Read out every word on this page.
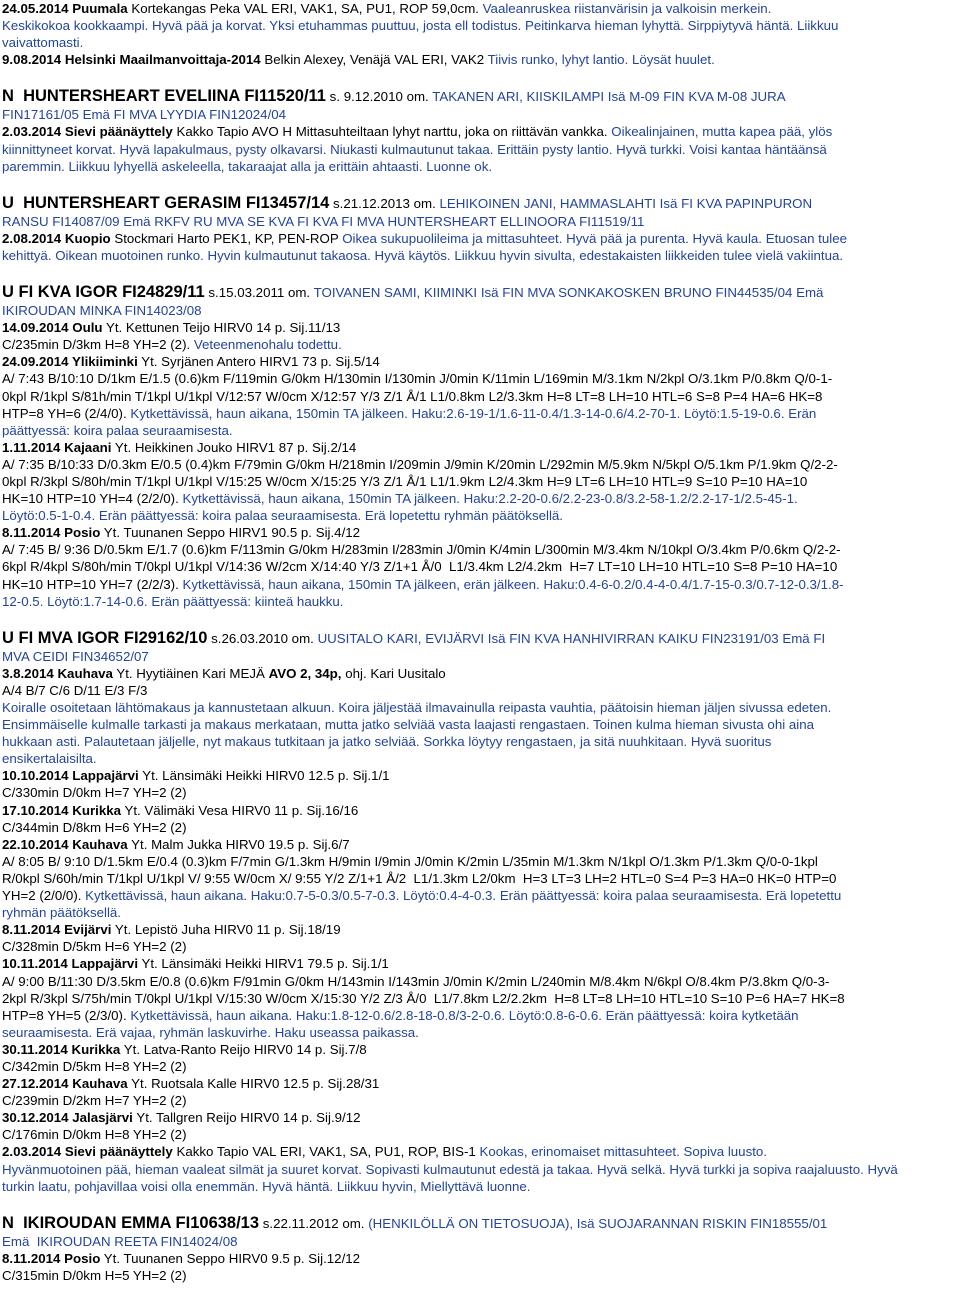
24.05.2014 Puumala Kortekangas Peka VAL ERI, VAK1, SA, PU1, ROP 59,0cm. Vaaleanruskea riistanvärisin ja valkoisin merkein.
Keskikokoa kookkaampi. Hyvä pää ja korvat. Yksi etuhammas puuttuu, josta ell todistus. Peitinkarva hieman lyhyttä. Sirppiytyvä häntä. Liikkuu
vaivattomasti.
9.08.2014 Helsinki Maailmanvoittaja-2014 Belkin Alexey, Venäjä VAL ERI, VAK2 Tiivis runko, lyhyt lantio. Löysät huulet.
N  HUNTERSHEART EVELIINA FI11520/11 s. 9.12.2010 om. TAKANEN ARI, KIISKILAMPI Isä M-09 FIN KVA M-08 JURA
FIN17161/05 Emä FI MVA LYYDIA FIN12024/04
2.03.2014 Sievi päänäyttely Kakko Tapio AVO H Mittasuhteiltaan lyhyt narttu, joka on riittävän vankka. Oikealinjainen, mutta kapea pää, ylös
kiinnittyneet korvat. Hyvä lapakulmaus, pysty olkavarsi. Niukasti kulmautunut takaa. Erittäin pysty lantio. Hyvä turkki. Voisi kantaa häntäänsä
paremmin. Liikkuu lyhyellä askeleella, takaraajat alla ja erittäin ahtaasti. Luonne ok.
U  HUNTERSHEART GERASIM FI13457/14 s.21.12.2013 om. LEHIKOINEN JANI, HAMMASLAHTI Isä FI KVA PAPINPURON
RANSU FI14087/09 Emä RKFV RU MVA SE KVA FI KVA FI MVA HUNTERSHEART ELLINOORA FI11519/11
2.08.2014 Kuopio Stockmari Harto PEK1, KP, PEN-ROP Oikea sukupuolileima ja mittasuhteet. Hyvä pää ja purenta. Hyvä kaula. Etuosan tulee
kehittyä. Oikean muotoinen runko. Hyvin kulmautunut takaosa. Hyvä käytös. Liikkuu hyvin sivulta, edestakaisten liikkeiden tulee vielä vakiintua.
U FI KVA IGOR FI24829/11 s.15.03.2011 om. TOIVANEN SAMI, KIIMINKI Isä FIN MVA SONKAKOSKEN BRUNO FIN44535/04 Emä
IKIROUDAN MINKA FIN14023/08
14.09.2014 Oulu Yt. Kettunen Teijo HIRV0 14 p. Sij.11/13
C/235min D/3km H=8 YH=2 (2). Veteenmenohalu todettu.
24.09.2014 Ylikiiminki Yt. Syrjänen Antero HIRV1 73 p. Sij.5/14
A/ 7:43 B/10:10 D/1km E/1.5 (0.6)km F/119min G/0km H/130min I/130min J/0min K/11min L/169min M/3.1km N/2kpl O/3.1km P/0.8km Q/0-1-
0kpl R/1kpl S/81h/min T/1kpl U/1kpl V/12:57 W/0cm X/12:57 Y/3 Z/1 Å/1 L1/0.8km L2/3.3km H=8 LT=8 LH=10 HTL=6 S=8 P=4 HA=6 HK=8
HTP=8 YH=6 (2/4/0). Kytkettävissä, haun aikana, 150min TA jälkeen. Haku:2.6-19-1/1.6-11-0.4/1.3-14-0.6/4.2-70-1. Löytö:1.5-19-0.6. Erän
päättyessä: koira palaa seuraamisesta.
1.11.2014 Kajaani Yt. Heikkinen Jouko HIRV1 87 p. Sij.2/14
A/ 7:35 B/10:33 D/0.3km E/0.5 (0.4)km F/79min G/0km H/218min I/209min J/9min K/20min L/292min M/5.9km N/5kpl O/5.1km P/1.9km Q/2-2-
0kpl R/3kpl S/80h/min T/1kpl U/1kpl V/15:25 W/0cm X/15:25 Y/3 Z/1 Å/1 L1/1.9km L2/4.3km H=9 LT=6 LH=10 HTL=9 S=10 P=10 HA=10
HK=10 HTP=10 YH=4 (2/2/0). Kytkettävissä, haun aikana, 150min TA jälkeen. Haku:2.2-20-0.6/2.2-23-0.8/3.2-58-1.2/2.2-17-1/2.5-45-1.
Löytö:0.5-1-0.4. Erän päättyessä: koira palaa seuraamisesta. Erä lopetettu ryhmän päätöksellä.
8.11.2014 Posio Yt. Tuunanen Seppo HIRV1 90.5 p. Sij.4/12
A/ 7:45 B/ 9:36 D/0.5km E/1.7 (0.6)km F/113min G/0km H/283min I/283min J/0min K/4min L/300min M/3.4km N/10kpl O/3.4km P/0.6km Q/2-2-
6kpl R/4kpl S/80h/min T/0kpl U/1kpl V/14:36 W/2cm X/14:40 Y/3 Z/1+1 Å/0  L1/3.4km L2/4.2km  H=7 LT=10 LH=10 HTL=10 S=8 P=10 HA=10
HK=10 HTP=10 YH=7 (2/2/3). Kytkettävissä, haun aikana, 150min TA jälkeen, erän jälkeen. Haku:0.4-6-0.2/0.4-4-0.4/1.7-15-0.3/0.7-12-0.3/1.8-
12-0.5. Löytö:1.7-14-0.6. Erän päättyessä: kiinteä haukku.
U FI MVA IGOR FI29162/10 s.26.03.2010 om. UUSITALO KARI, EVIJÄRVI Isä FIN KVA HANHIVIRRAN KAIKU FIN23191/03 Emä FI
MVA CEIDI FIN34652/07
3.8.2014 Kauhava Yt. Hyytiäinen Kari MEJÄ AVO 2, 34p, ohj. Kari Uusitalo
A/4 B/7 C/6 D/11 E/3 F/3
Koiralle osoitetaan lähtömakaus ja kannustetaan alkuun. Koira jäljestää ilmavainulla reipasta vauhtia, päätoisin hieman jäljen sivussa edeten.
Ensimmäiselle kulmalle tarkasti ja makaus merkataan, mutta jatko selviää vasta laajasti rengastaen. Toinen kulma hieman sivusta ohi aina
hukkaan asti. Palautetaan jäljelle, nyt makaus tutkitaan ja jatko selviää. Sorkka löytyy rengastaen, ja sitä nuuhkitaan. Hyvä suoritus
ensikertalaisilta.
10.10.2014 Lappajärvi Yt. Länsimäki Heikki HIRV0 12.5 p. Sij.1/1
C/330min D/0km H=7 YH=2 (2)
17.10.2014 Kurikka Yt. Välimäki Vesa HIRV0 11 p. Sij.16/16
C/344min D/8km H=6 YH=2 (2)
22.10.2014 Kauhava Yt. Malm Jukka HIRV0 19.5 p. Sij.6/7
A/ 8:05 B/ 9:10 D/1.5km E/0.4 (0.3)km F/7min G/1.3km H/9min I/9min J/0min K/2min L/35min M/1.3km N/1kpl O/1.3km P/1.3km Q/0-0-1kpl
R/0kpl S/60h/min T/1kpl U/1kpl V/ 9:55 W/0cm X/ 9:55 Y/2 Z/1+1 Å/2  L1/1.3km L2/0km  H=3 LT=3 LH=2 HTL=0 S=4 P=3 HA=0 HK=0 HTP=0
YH=2 (2/0/0). Kytkettävissä, haun aikana. Haku:0.7-5-0.3/0.5-7-0.3. Löytö:0.4-4-0.3. Erän päättyessä: koira palaa seuraamisesta. Erä lopetettu
ryhmän päätöksellä.
8.11.2014 Evijärvi Yt. Lepistö Juha HIRV0 11 p. Sij.18/19
C/328min D/5km H=6 YH=2 (2)
10.11.2014 Lappajärvi Yt. Länsimäki Heikki HIRV1 79.5 p. Sij.1/1
A/ 9:00 B/11:30 D/3.5km E/0.8 (0.6)km F/91min G/0km H/143min I/143min J/0min K/2min L/240min M/8.4km N/6kpl O/8.4km P/3.8km Q/0-3-
2kpl R/3kpl S/75h/min T/0kpl U/1kpl V/15:30 W/0cm X/15:30 Y/2 Z/3 Å/0  L1/7.8km L2/2.2km  H=8 LT=8 LH=10 HTL=10 S=10 P=6 HA=7 HK=8
HTP=8 YH=5 (2/3/0). Kytkettävissä, haun aikana. Haku:1.8-12-0.6/2.8-18-0.8/3-2-0.6. Löytö:0.8-6-0.6. Erän päättyessä: koira kytketään
seuraamisesta. Erä vajaa, ryhmän laskuvirhe. Haku useassa paikassa.
30.11.2014 Kurikka Yt. Latva-Ranto Reijo HIRV0 14 p. Sij.7/8
C/342min D/5km H=8 YH=2 (2)
27.12.2014 Kauhava Yt. Ruotsala Kalle HIRV0 12.5 p. Sij.28/31
C/239min D/2km H=7 YH=2 (2)
30.12.2014 Jalasjärvi Yt. Tallgren Reijo HIRV0 14 p. Sij.9/12
C/176min D/0km H=8 YH=2 (2)
2.03.2014 Sievi päänäyttely Kakko Tapio VAL ERI, VAK1, SA, PU1, ROP, BIS-1 Kookas, erinomaiset mittasuhteet. Sopiva luusto.
Hyvänmuotoinen pää, hieman vaaleat silmät ja suuret korvat. Sopivasti kulmautunut edestä ja takaa. Hyvä selkä. Hyvä turkki ja sopiva raajaluusto. Hyvä
turkin laatu, pohjavillaa voisi olla enemmän. Hyvä häntä. Liikkuu hyvin, Miellyttävä luonne.
N  IKIROUDAN EMMA FI10638/13 s.22.11.2012 om. (HENKILÖLLÄ ON TIETOSUOJA), Isä SUOJARANNAN RISKIN FIN18555/01
Emä  IKIROUDAN REETA FIN14024/08
8.11.2014 Posio Yt. Tuunanen Seppo HIRV0 9.5 p. Sij.12/12
C/315min D/0km H=5 YH=2 (2)
